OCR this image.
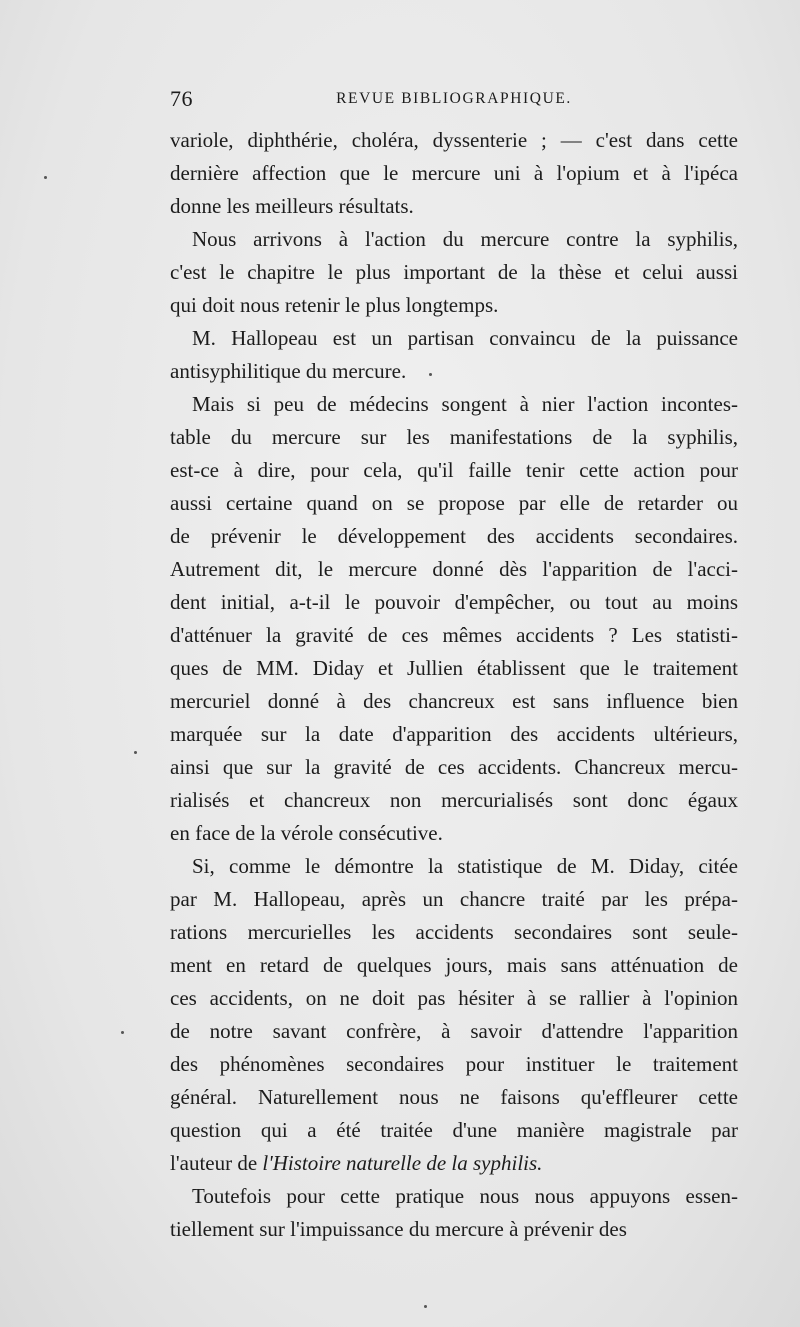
76	REVUE BIBLIOGRAPHIQUE.
variole, diphthérie, choléra, dyssenterie ; — c'est dans cette
dernière affection que le mercure uni à l'opium et à l'ipéca
donne les meilleurs résultats.
Nous arrivons à l'action du mercure contre la syphilis,
c'est le chapitre le plus important de la thèse et celui aussi
qui doit nous retenir le plus longtemps.
M. Hallopeau est un partisan convaincu de la puissance
antisyphilitique du mercure.
Mais si peu de médecins songent à nier l'action incontes-
table du mercure sur les manifestations de la syphilis,
est-ce à dire, pour cela, qu'il faille tenir cette action pour
aussi certaine quand on se propose par elle de retarder ou
de prévenir le développement des accidents secondaires.
Autrement dit, le mercure donné dès l'apparition de l'acci-
dent initial, a-t-il le pouvoir d'empêcher, ou tout au moins
d'atténuer la gravité de ces mêmes accidents ? Les statisti-
ques de MM. Diday et Jullien établissent que le traitement
mercuriel donné à des chancreux est sans influence bien
marquée sur la date d'apparition des accidents ultérieurs,
ainsi que sur la gravité de ces accidents. Chancreux mercu-
rialisés et chancreux non mercurialisés sont donc égaux
en face de la vérole consécutive.
Si, comme le démontre la statistique de M. Diday, citée
par M. Hallopeau, après un chancre traité par les prépa-
rations mercurielles les accidents secondaires sont seule-
ment en retard de quelques jours, mais sans atténuation de
ces accidents, on ne doit pas hésiter à se rallier à l'opinion
de notre savant confrère, à savoir d'attendre l'apparition
des phénomènes secondaires pour instituer le traitement
général. Naturellement nous ne faisons qu'effleurer cette
question qui a été traitée d'une manière magistrale par
l'auteur de l'Histoire naturelle de la syphilis.
Toutefois pour cette pratique nous nous appuyons essen-
tiellement sur l'impuissance du mercure à prévenir des
